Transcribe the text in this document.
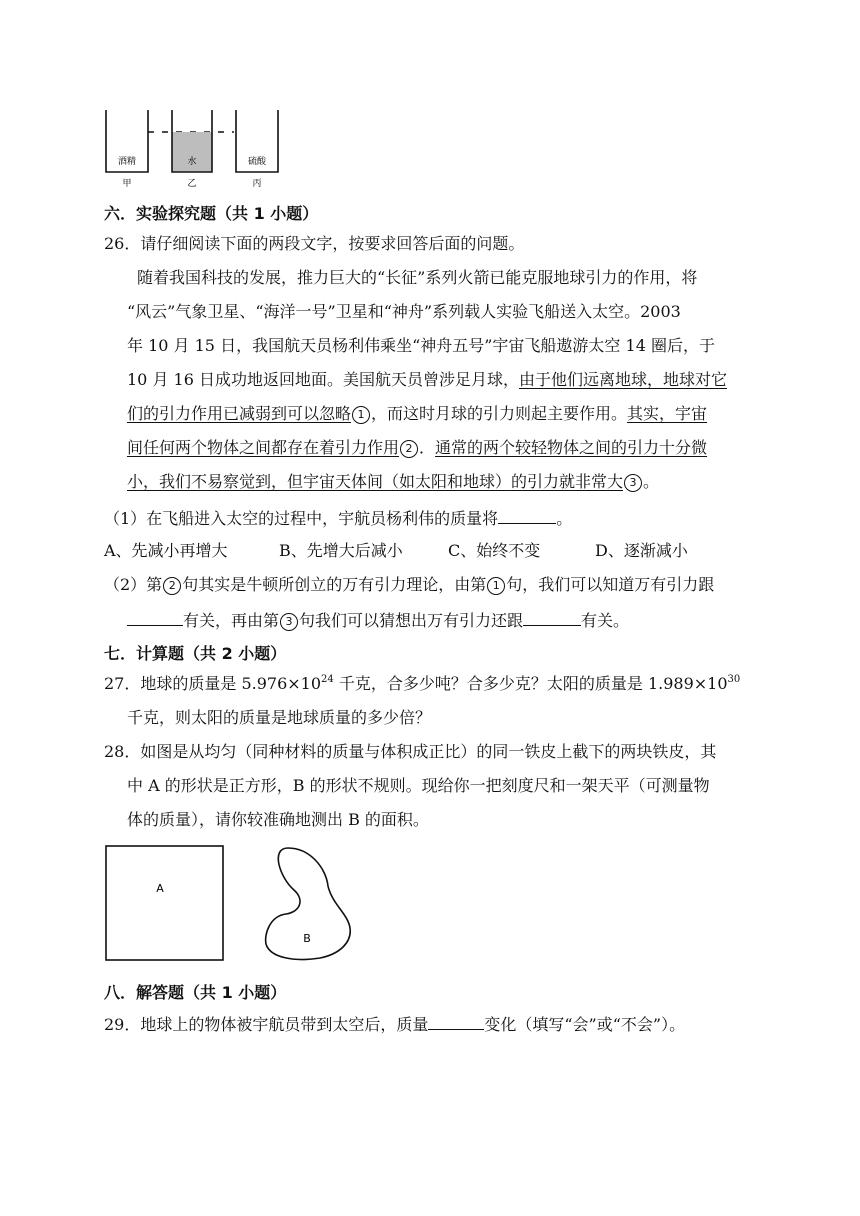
酒精
甲
水
乙
硫酸
丙
六．实验探究题（共 1 小题）
26．请仔细阅读下面的两段文字，按要求回答后面的问题。
随着我国科技的发展，推力巨大的“长征”系列火箭已能克服地球引力的作用，将
“风云”气象卫星、“海洋一号”卫星和“神舟”系列载人实验飞船送入太空。2003
年 10 月 15 日，我国航天员杨利伟乘坐“神舟五号”宇宙飞船遨游太空 14 圈后，于
10 月 16 日成功地返回地面。美国航天员曾涉足月球，由于他们远离地球，地球对它
们的引力作用已减弱到可以忽略 1 ，而这时月球的引力则起主要作用。其实，宇宙
间任何两个物体之间都存在着引力作用 2 ．通常的两个较轻物体之间的引力十分微
小，我们不易察觉到，但宇宙天体间（如太阳和地球）的引力就非常大 3 。
（1）在飞船进入太空的过程中，宇航员杨利伟的质量将	。
A、先减小再增大	B、先增大后减小	C、始终不变	D、逐渐减小
（2）第 2 句其实是牛顿所创立的万有引力理论，由第 1 句，我们可以知道万有引力跟
有关，再由第 3 句我们可以猜想出万有引力还跟	有关。
七．计算题（共 2 小题）
27．地球的质量是 $5.976\times 10^{24}$ 千克，合多少吨？合多少克？太阳的质量是 $1.989\times 10^{30}$
千克，则太阳的质量是地球质量的多少倍？
28．如图是从均匀（同种材料的质量与体积成正比）的同一铁皮上截下的两块铁皮，其
中 A 的形状是正方形，B 的形状不规则。现给你一把刻度尺和一架天平（可测量物
体的质量），请你较准确地测出 B 的面积。
A
B
八．解答题（共 1 小题）
29．地球上的物体被宇航员带到太空后，质量	变化（填写“会”或“不会”）。
